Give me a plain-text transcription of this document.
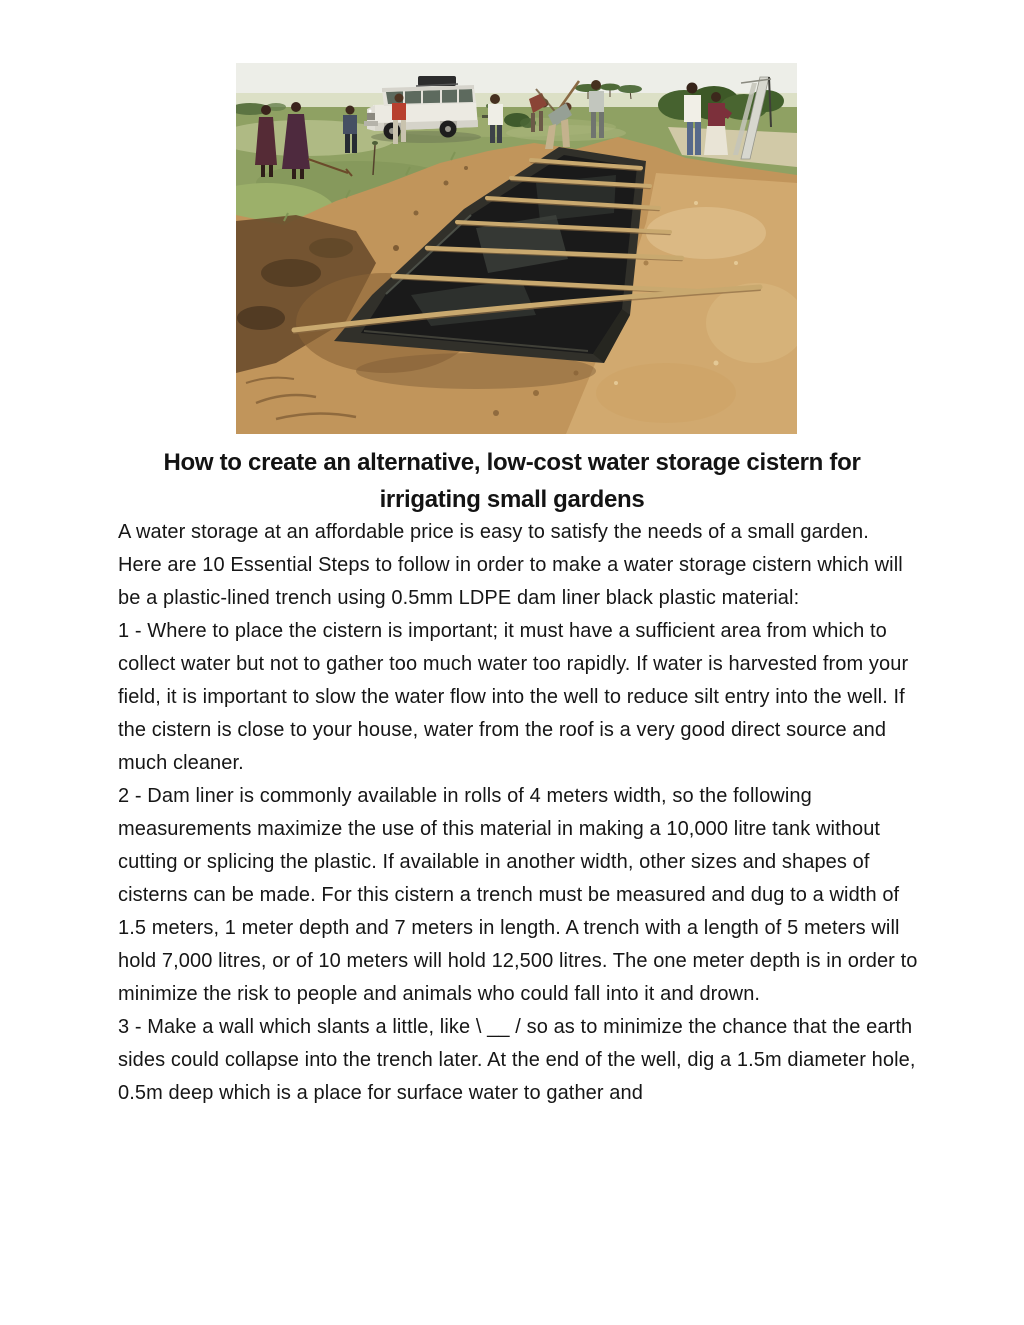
How to create an alternative, low-cost water storage cistern for
irrigating small gardens

A water storage at an affordable price is easy to satisfy the needs of a small garden. Here are 10 Essential Steps to follow in order to make a water storage cistern which will be a plastic-lined trench using 0.5mm LDPE dam liner black plastic material:

1 - Where to place the cistern is important; it must have a sufficient area from which to collect water but not to gather too much water too rapidly. If water is harvested from your field, it is important to slow the water flow into the well to reduce silt entry into the well. If the cistern is close to your house, water from the roof is a very good direct source and much cleaner.

2 - Dam liner is commonly available in rolls of 4 meters width, so the following measurements maximize the use of this material in making a 10,000 litre tank without cutting or splicing the plastic. If available in another width, other sizes and shapes of cisterns can be made. For this cistern a trench must be measured and dug to a width of 1.5 meters, 1 meter depth and 7 meters in length. A trench with a length of 5 meters will hold 7,000 litres, or of 10 meters will hold 12,500 litres. The one meter depth is in order to minimize the risk to people and animals who could fall into it and drown.

3 - Make a wall which slants a little, like \ __ / so as to minimize the chance that the earth sides could collapse into the trench later. At the end of the well, dig a 1.5m diameter hole, 0.5m deep which is a place for surface water to gather and
